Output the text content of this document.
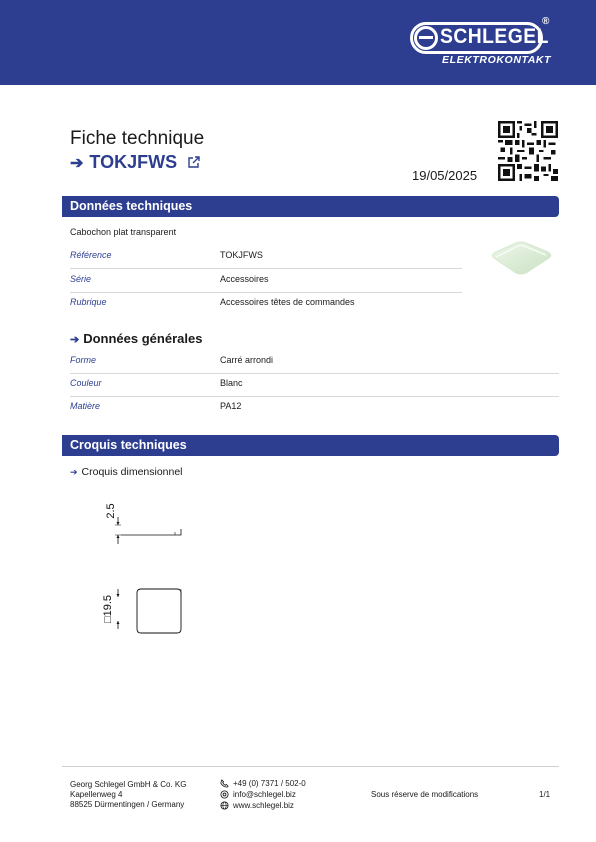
SCHLEGEL
®
ELEKTROKONTAKT
Fiche technique
➔ TOKJFWS
19/05/2025
Données techniques
Cabochon plat transparent
Référence	TOKJFWS
Série	Accessoires
Rubrique	Accessoires têtes de commandes
➔ Données générales
Forme	Carré arrondi
Couleur	Blanc
Matière	PA12
Croquis techniques
➔ Croquis dimensionnel
2.5
□19.5
Georg Schlegel GmbH & Co. KG
Kapellenweg 4
88525 Dürmentingen / Germany
+49 (0) 7371 / 502-0
info@schlegel.biz
www.schlegel.biz
Sous réserve de modifications	1/1
